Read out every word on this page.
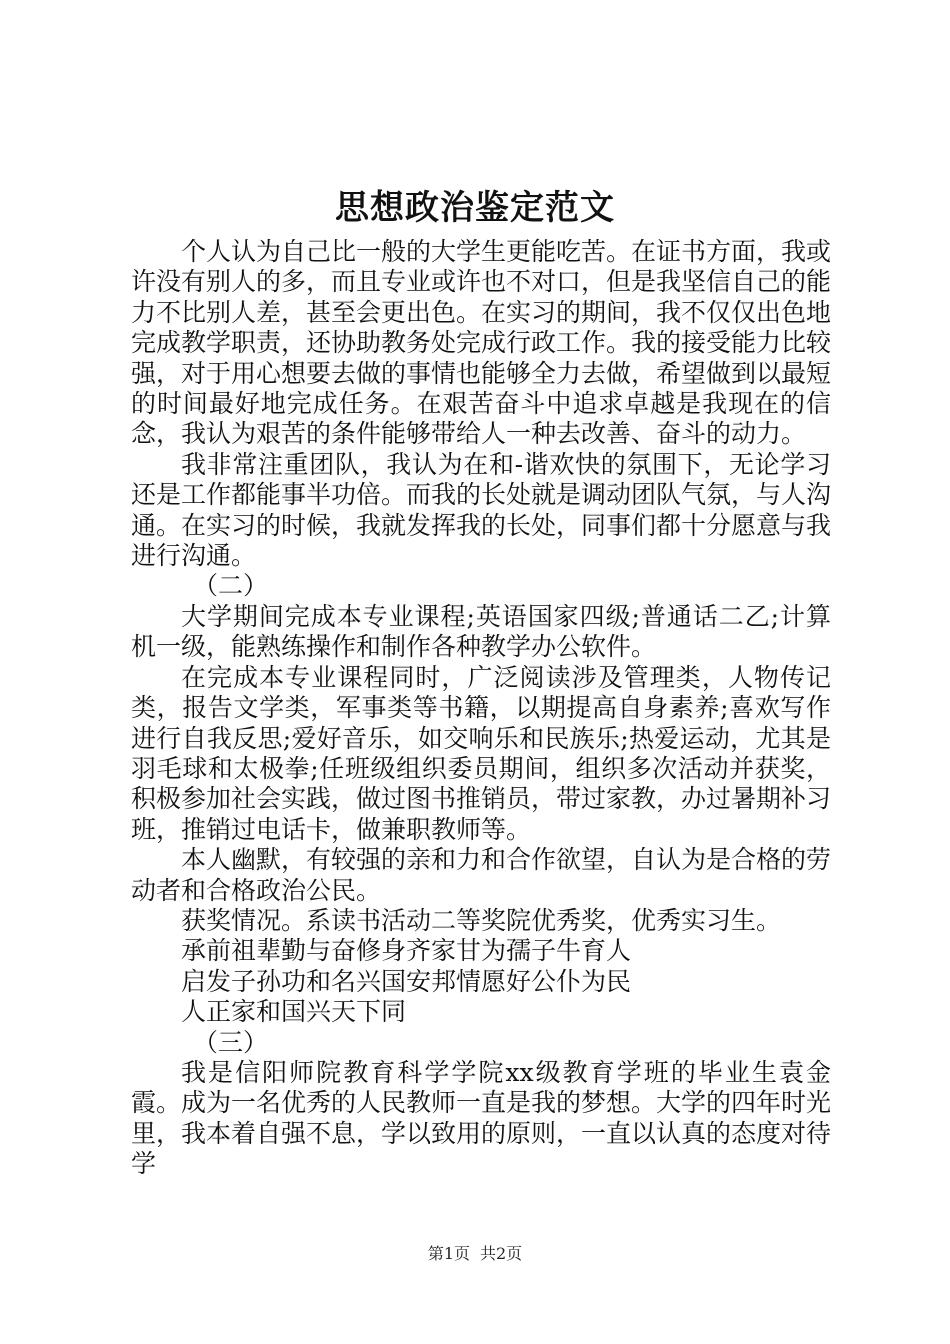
思想政治鉴定范文

个人认为自己比一般的大学生更能吃苦。在证书方面，我或许没有别人的多，而且专业或许也不对口，但是我坚信自己的能力不比别人差，甚至会更出色。在实习的期间，我不仅仅出色地完成教学职责，还协助教务处完成行政工作。我的接受能力比较强，对于用心想要去做的事情也能够全力去做，希望做到以最短的时间最好地完成任务。在艰苦奋斗中追求卓越是我现在的信念，我认为艰苦的条件能够带给人一种去改善、奋斗的动力。

我非常注重团队，我认为在和-谐欢快的氛围下，无论学习还是工作都能事半功倍。而我的长处就是调动团队气氛，与人沟通。在实习的时候，我就发挥我的长处，同事们都十分愿意与我进行沟通。

（二）

大学期间完成本专业课程;英语国家四级;普通话二乙;计算机一级，能熟练操作和制作各种教学办公软件。

在完成本专业课程同时，广泛阅读涉及管理类，人物传记类，报告文学类，军事类等书籍，以期提高自身素养;喜欢写作进行自我反思;爱好音乐，如交响乐和民族乐;热爱运动，尤其是羽毛球和太极拳;任班级组织委员期间，组织多次活动并获奖，积极参加社会实践，做过图书推销员，带过家教，办过暑期补习班，推销过电话卡，做兼职教师等。

本人幽默，有较强的亲和力和合作欲望，自认为是合格的劳动者和合格政治公民。

获奖情况。系读书活动二等奖院优秀奖，优秀实习生。

承前祖辈勤与奋修身齐家甘为孺子牛育人

启发子孙功和名兴国安邦情愿好公仆为民

人正家和国兴天下同

（三）

我是信阳师院教育科学学院xx级教育学班的毕业生袁金霞。成为一名优秀的人民教师一直是我的梦想。大学的四年时光里，我本着自强不息，学以致用的原则，一直以认真的态度对待学

第1页 共2页
